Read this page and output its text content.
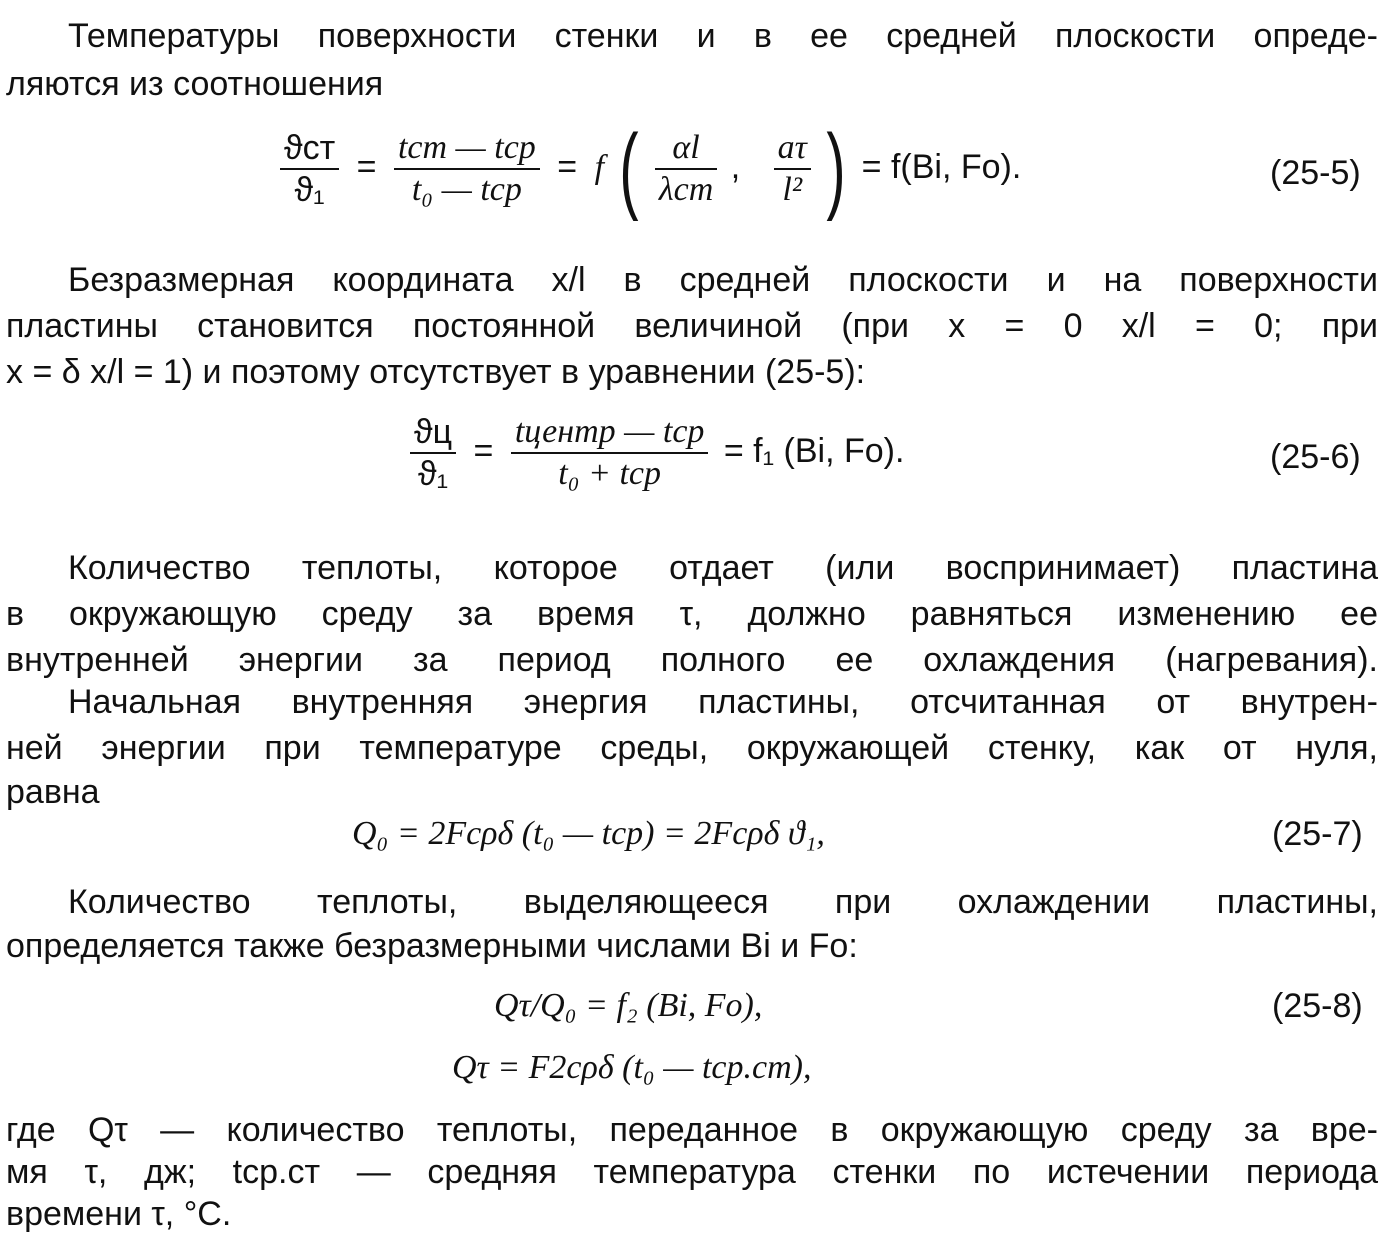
Температуры поверхности стенки и в ее средней плоскости опреде-
ляются из соотношения
$\frac{\text{ϑст}}{\text{ϑ₁}} = \frac{\text{tст — tср}}{\text{t₀ — tср}} = f$ ( $\frac{\alpha l}{\text{λст}}$ , $\frac{a\tau}{\text{l²}}$ ) = f(Bi, Fo).	(25-5)
Безразмерная координата x/l в средней плоскости и на поверхности
пластины становится постоянной величиной (при x = 0 x/l = 0; при
x = δ x/l = 1) и поэтому отсутствует в уравнении (25-5):
$\frac{ϑц}{\text{ϑ₁}} = \frac{\text{tцентр — tср}}{\text{t₀ + tср}} = f_1$ (Bi, Fo).	(25-6)
Количество теплоты, которое отдает (или воспринимает) пластина
в окружающую среду за время τ, должно равняться изменению ее
внутренней энергии за период полного ее охлаждения (нагревания).
Начальная внутренняя энергия пластины, отсчитанная от внутрен-
ней энергии при температуре среды, окружающей стенку, как от нуля,
равна
Q₀ = 2Fcρδ (t₀ — tср) = 2Fcρδ ϑ₁,	(25-7)
Количество теплоты, выделяющееся при охлаждении пластины,
определяется также безразмерными числами Bi и Fo:
Qτ/Q₀ = f₂ (Bi, Fo),	(25-8)
Qτ = F2cρδ (t₀ — tср.ст),
где Qτ — количество теплоты, переданное в окружающую среду за вре-
мя τ, дж; tср.ст — средняя температура стенки по истечении периода
времени τ, °С.
